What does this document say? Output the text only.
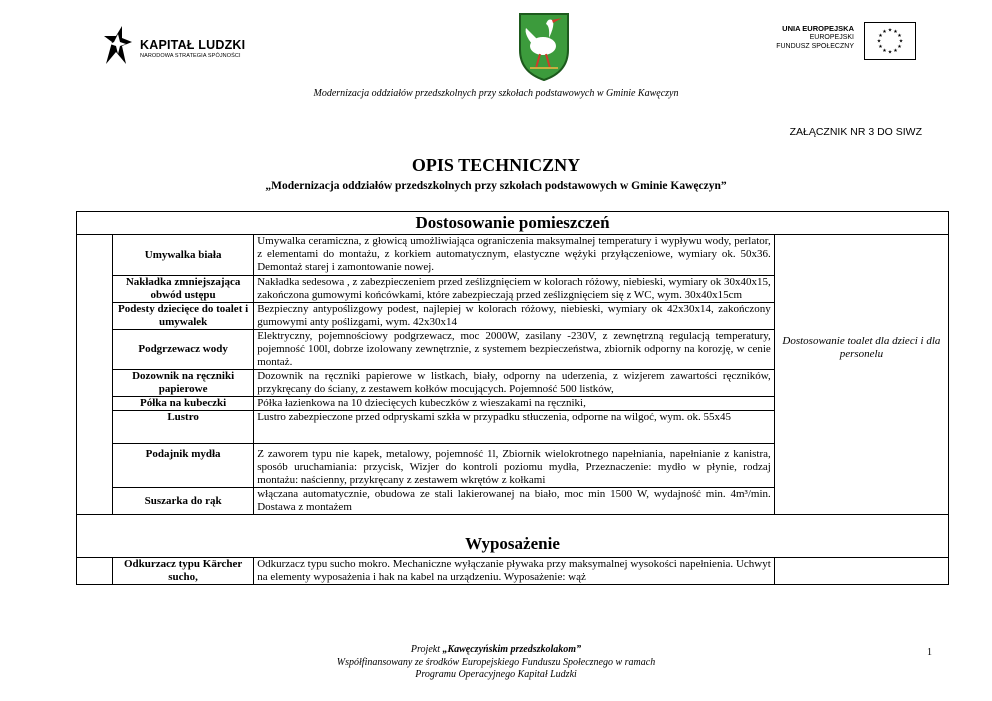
KAPITAŁ LUDZKI
NARODOWA STRATEGIA SPÓJNOŚCI
UNIA EUROPEJSKA
EUROPEJSKI
FUNDUSZ SPOŁECZNY
★
★
★
★
★
★
★
★
★ ★ ★
★
Modernizacja oddziałów przedszkolnych przy szkołach podstawowych w Gminie Kawęczyn
ZAŁĄCZNIK NR 3 DO SIWZ
OPIS TECHNICZNY
„Modernizacja oddziałów przedszkolnych przy szkołach podstawowych w Gminie Kawęczyn”
Dostosowanie pomieszczeń			
	Umywalka biała	Umywalka ceramiczna, z głowicą umożliwiająca ograniczenia maksymalnej temperatury i wypływu wody, perlator, z elementami do montażu, z korkiem automatycznym, elastyczne wężyki przyłączeniowe, wymiary ok. 50x36. Demontaż starej i zamontowanie nowej.	Dostosowanie toalet dla dzieci i dla personelu
	Nakładka zmniejszająca obwód ustępu	Nakładka sedesowa , z zabezpieczeniem przed ześlizgnięciem w kolorach różowy, niebieski, wymiary ok 30x40x15, zakończona gumowymi końcówkami, które zabezpieczają przed ześlizgnięciem się z WC, wym. 30x40x15cm	
	Podesty dziecięce do toalet i umywalek	Bezpieczny antypoślizgowy podest, najlepiej w kolorach różowy, niebieski, wymiary ok 42x30x14, zakończony gumowymi anty poślizgami, wym. 42x30x14	
	Podgrzewacz wody	Elektryczny, pojemnościowy podgrzewacz, moc 2000W, zasilany -230V, z zewnętrzną regulacją temperatury, pojemność 100l, dobrze izolowany zewnętrznie, z systemem bezpieczeństwa, zbiornik odporny na korozję, w cenie montaż.	
	Dozownik na ręczniki papierowe	Dozownik na ręczniki papierowe w listkach, biały, odporny na uderzenia, z wizjerem zawartości ręczników, przykręcany do ściany, z zestawem kołków mocujących. Pojemność 500 listków,	
	Półka na kubeczki	Półka łazienkowa na 10 dziecięcych kubeczków z wieszakami na ręczniki,	
	Lustro	Lustro zabezpieczone przed odpryskami szkła w przypadku stłuczenia, odporne na wilgoć, wym. ok. 55x45	
	Podajnik mydła	Z zaworem typu nie kapek, metalowy, pojemność 1l, Zbiornik wielokrotnego napełniania, napełnianie z kanistra, sposób uruchamiania: przycisk, Wizjer do kontroli poziomu mydła, Przeznaczenie: mydło w płynie, rodzaj montażu: naścienny, przykręcany z zestawem wkrętów z kołkami	
	Suszarka do rąk	włączana automatycznie, obudowa ze stali lakierowanej na biało, moc min 1500 W, wydajność min. 4m³/min. Dostawa z montażem	
Wyposażenie			
	Odkurzacz typu Kärcher sucho,	Odkurzacz typu sucho mokro. Mechaniczne wyłączanie pływaka przy maksymalnej wysokości napełnienia. Uchwyt na elementy wyposażenia i hak na kabel na urządzeniu. Wyposażenie: wąż	
Projekt „Kawęczyńskim przedszkolakom”
Współfinansowany ze środków Europejskiego Funduszu Społecznego w ramach
Programu Operacyjnego Kapitał Ludzki
1
